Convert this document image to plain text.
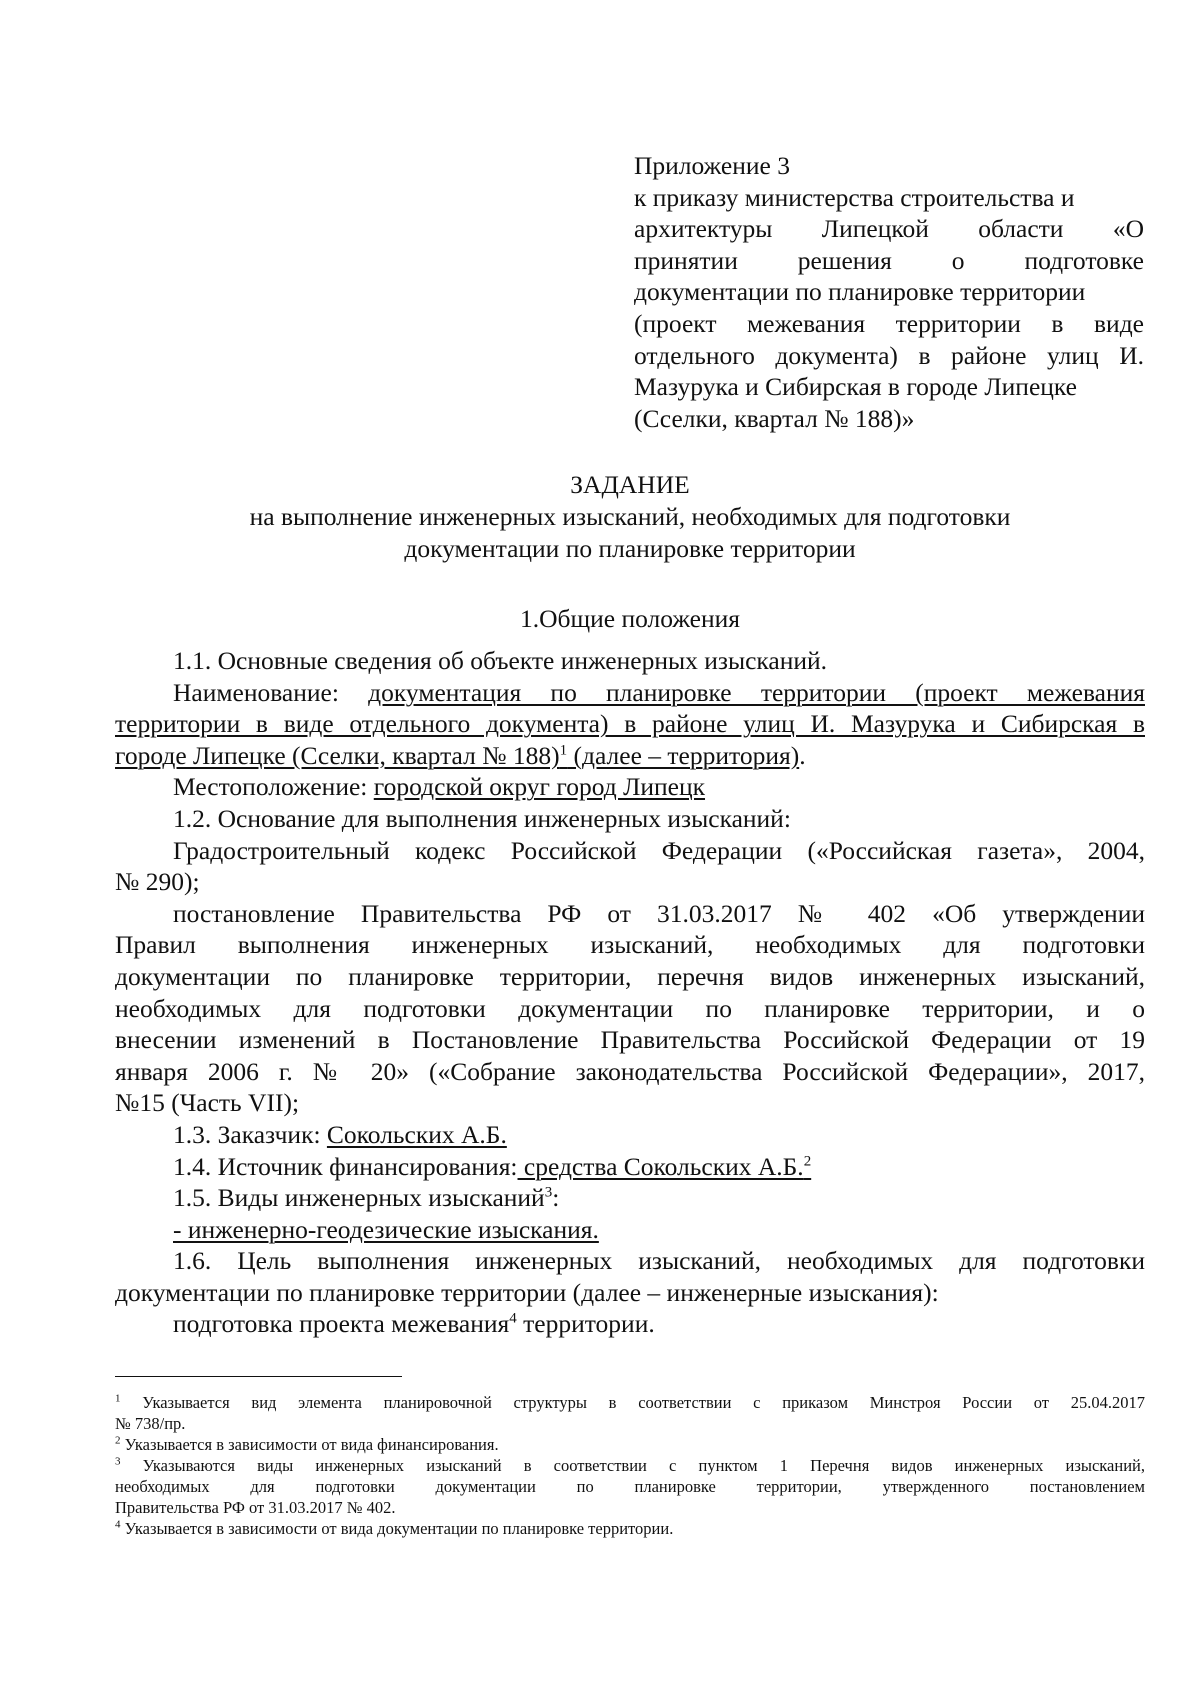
Приложение 3
к приказу министерства строительства и
архитектуры Липецкой области «О
принятии решения о подготовке
документации по планировке территории
(проект межевания территории в виде
отдельного документа) в районе улиц И.
Мазурука и Сибирская в городе Липецке
(Сселки, квартал № 188)»
ЗАДАНИЕ
на выполнение инженерных изысканий, необходимых для подготовки
документации по планировке территории
1.Общие положения
1.1. Основные сведения об объекте инженерных изысканий.
Наименование: документация по планировке территории (проект межевания
территории в виде отдельного документа) в районе улиц И. Мазурука и Сибирская в
городе Липецке (Сселки, квартал № 188)$^1$ (далее – территория).
Местоположение: городской округ город Липецк
1.2. Основание для выполнения инженерных изысканий:
Градостроительный кодекс Российской Федерации («Российская газета», 2004,
№ 290);
постановление Правительства РФ от 31.03.2017 № 402 «Об утверждении
Правил выполнения инженерных изысканий, необходимых для подготовки
документации по планировке территории, перечня видов инженерных изысканий,
необходимых для подготовки документации по планировке территории, и о
внесении изменений в Постановление Правительства Российской Федерации от 19
января 2006 г. № 20» («Собрание законодательства Российской Федерации», 2017,
№15 (Часть VII);
1.3. Заказчик: Сокольских А.Б.
1.4. Источник финансирования: средства Сокольских А.Б.$^2$
1.5. Виды инженерных изысканий$^3$:
- инженерно-геодезические изыскания.
1.6. Цель выполнения инженерных изысканий, необходимых для подготовки
документации по планировке территории (далее – инженерные изыскания):
подготовка проекта межевания$^4$ территории.
$^1$ Указывается вид элемента планировочной структуры в соответствии с приказом Минстроя России от 25.04.2017
№ 738/пр.
$^2$ Указывается в зависимости от вида финансирования.
$^3$ Указываются виды инженерных изысканий в соответствии с пунктом 1 Перечня видов инженерных изысканий,
необходимых для подготовки документации по планировке территории, утвержденного постановлением
Правительства РФ от 31.03.2017 № 402.
$^4$ Указывается в зависимости от вида документации по планировке территории.
